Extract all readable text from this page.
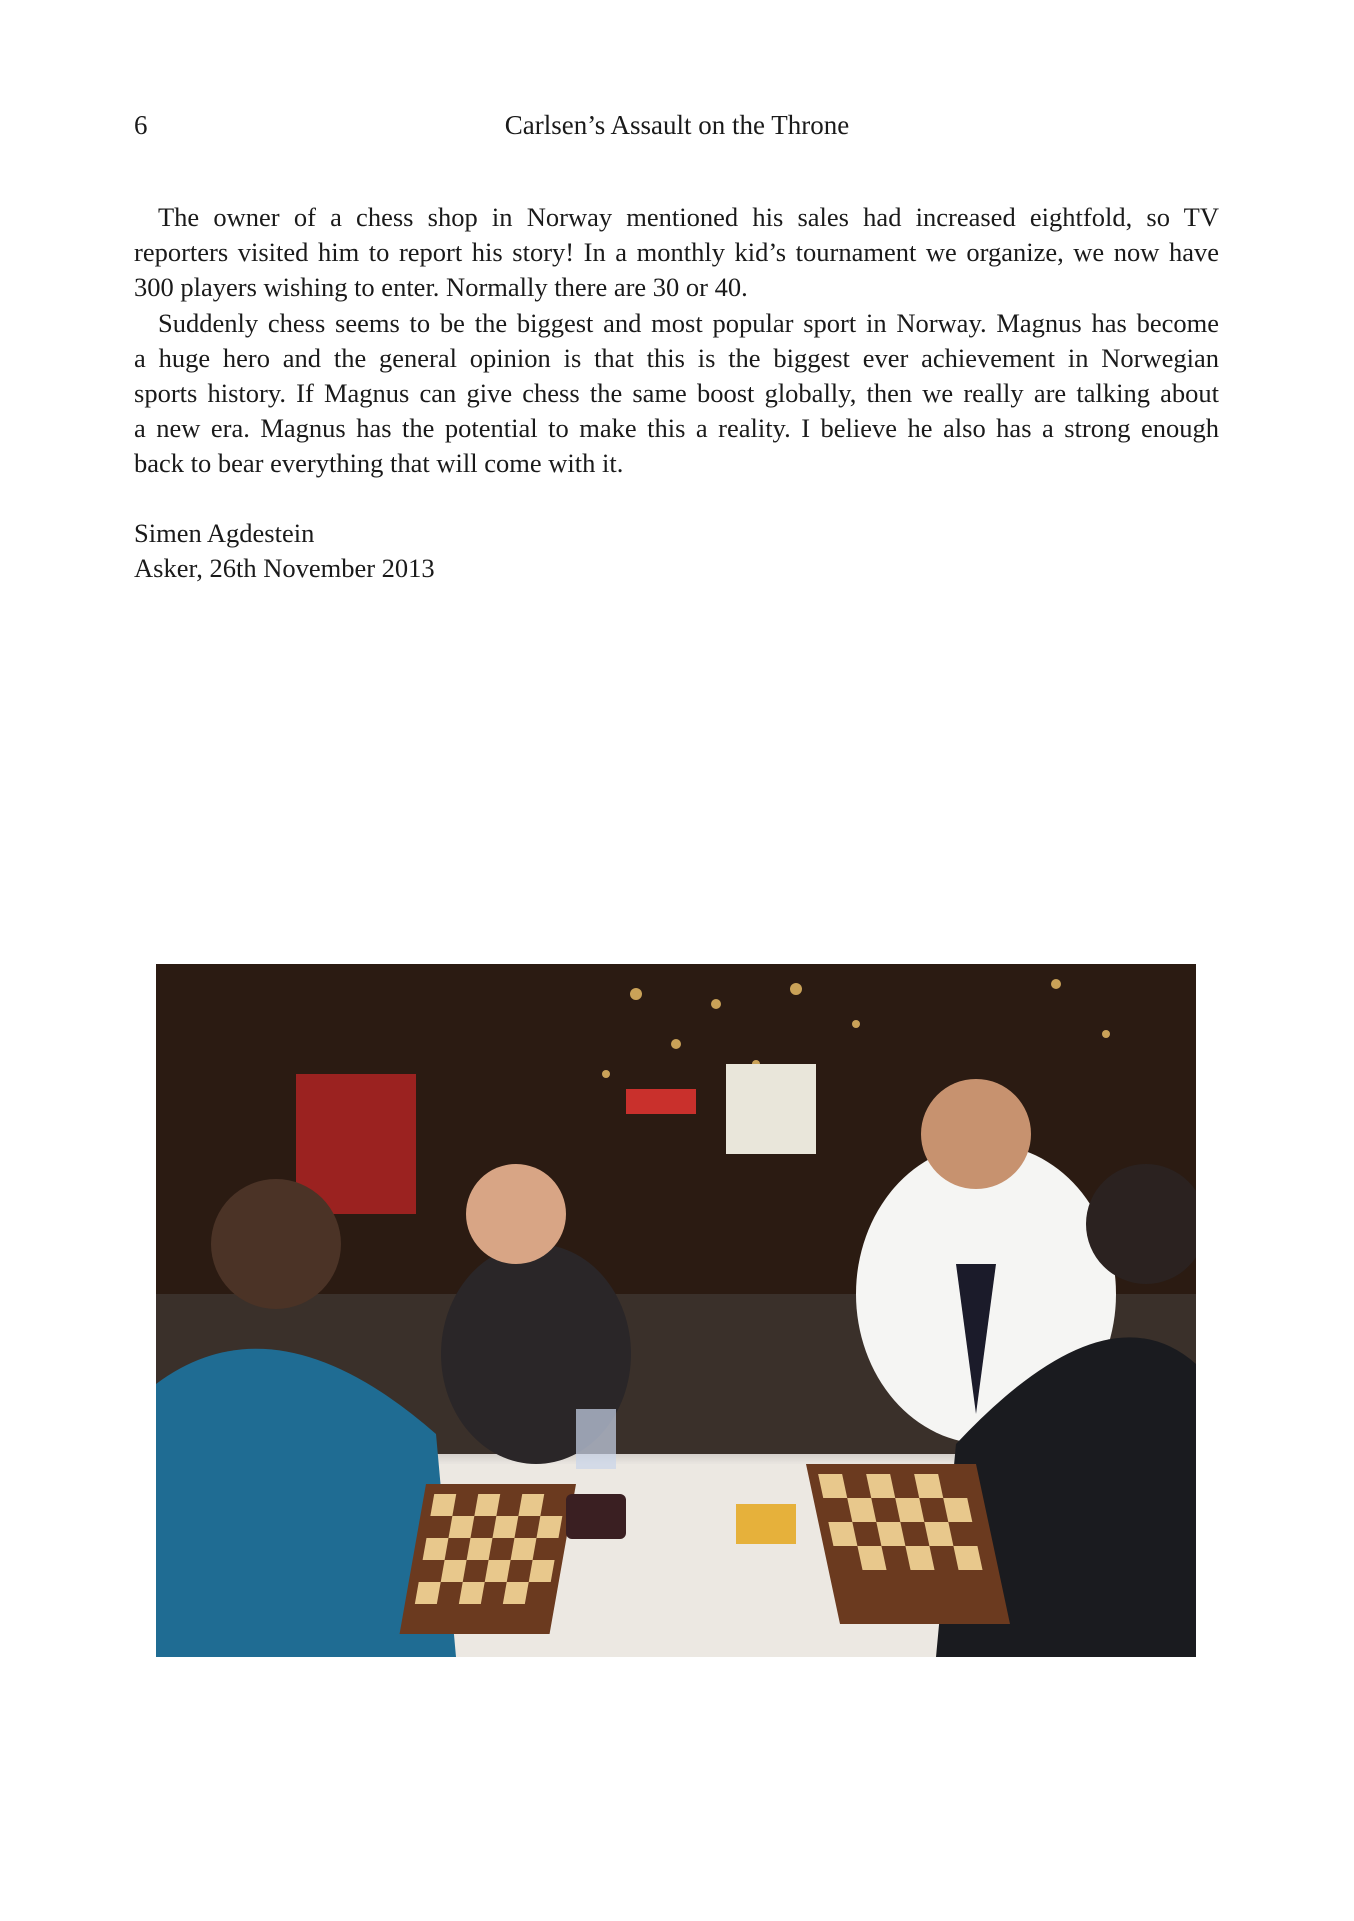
6	Carlsen’s Assault on the Throne
The owner of a chess shop in Norway mentioned his sales had increased eightfold, so TV
reporters visited him to report his story! In a monthly kid’s tournament we organize, we now have
300 players wishing to enter. Normally there are 30 or 40.
Suddenly chess seems to be the biggest and most popular sport in Norway. Magnus has become
a huge hero and the general opinion is that this is the biggest ever achievement in Norwegian
sports history. If Magnus can give chess the same boost globally, then we really are talking about
a new era. Magnus has the potential to make this a reality. I believe he also has a strong enough
back to bear everything that will come with it.
Simen Agdestein
Asker, 26th November 2013
